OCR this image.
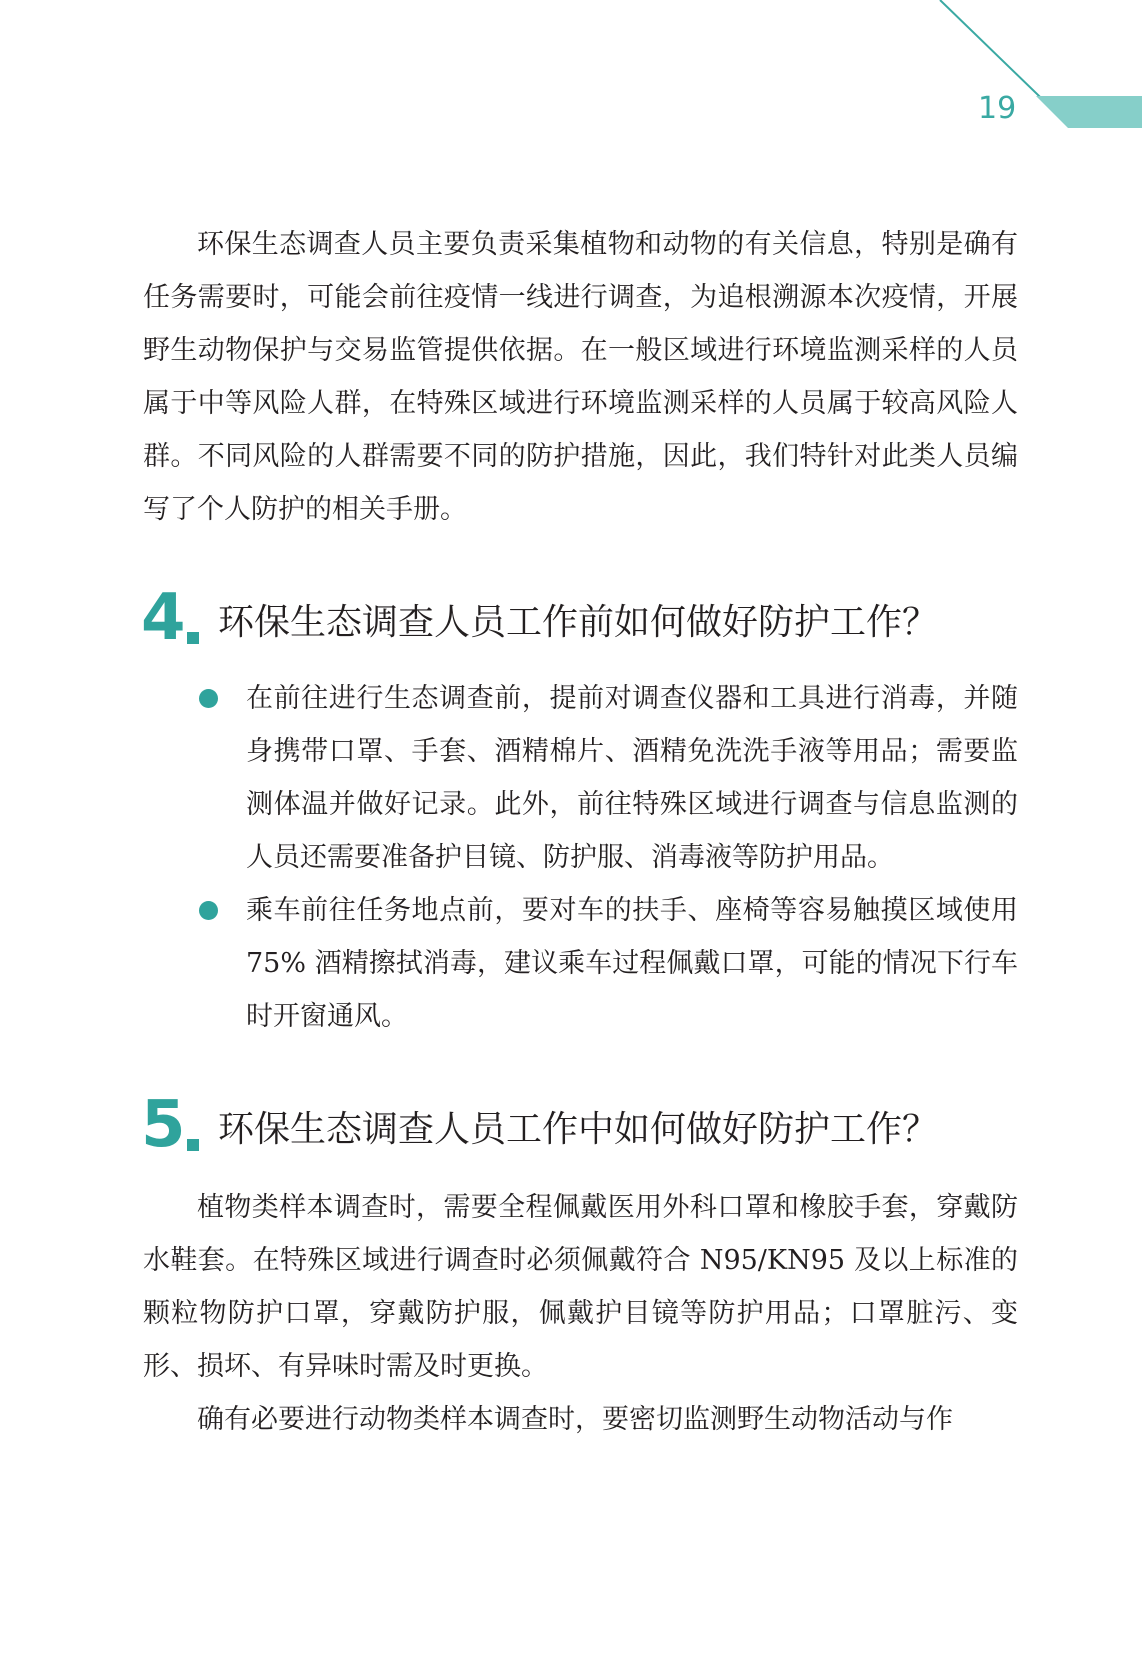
19

环保生态调查人员主要负责采集植物和动物的有关信息，特别是确有任务需要时，可能会前往疫情一线进行调查，为追根溯源本次疫情，开展野生动物保护与交易监管提供依据。在一般区域进行环境监测采样的人员属于中等风险人群，在特殊区域进行环境监测采样的人员属于较高风险人群。不同风险的人群需要不同的防护措施，因此，我们特针对此类人员编写了个人防护的相关手册。

4 环保生态调查人员工作前如何做好防护工作？
在前往进行生态调查前，提前对调查仪器和工具进行消毒，并随身携带口罩、手套、酒精棉片、酒精免洗洗手液等用品；需要监测体温并做好记录。此外，前往特殊区域进行调查与信息监测的人员还需要准备护目镜、防护服、消毒液等防护用品。
乘车前往任务地点前，要对车的扶手、座椅等容易触摸区域使用 75% 酒精擦拭消毒，建议乘车过程佩戴口罩，可能的情况下行车时开窗通风。
5 环保生态调查人员工作中如何做好防护工作？

植物类样本调查时，需要全程佩戴医用外科口罩和橡胶手套，穿戴防水鞋套。在特殊区域进行调查时必须佩戴符合 N95/KN95 及以上标准的颗粒物防护口罩，穿戴防护服，佩戴护目镜等防护用品；口罩脏污、变形、损坏、有异味时需及时更换。

确有必要进行动物类样本调查时，要密切监测野生动物活动与作
